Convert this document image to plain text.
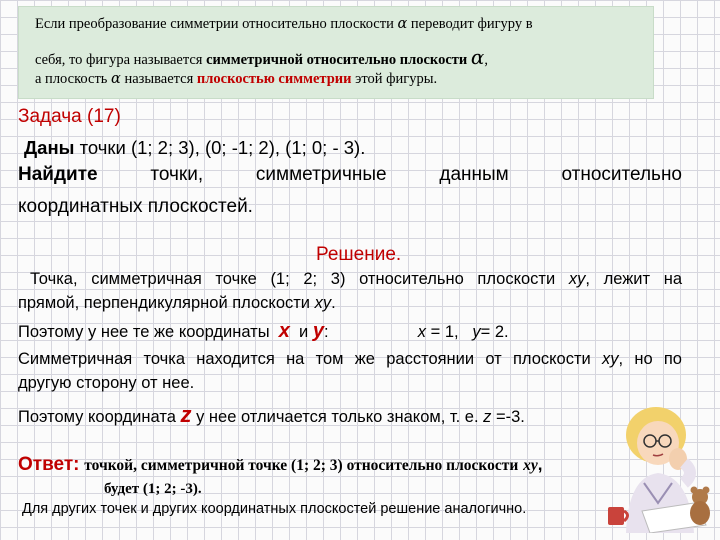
Если преобразование симметрии относительно плоскости α переводит фигуру в
себя, то фигура называется симметричной относительно плоскости α,
а плоскость α называется плоскостью симметрии этой фигуры.
Задача (17)
Даны точки (1; 2; 3), (0; -1; 2), (1; 0; - 3).
Найдите	точки, симметричные данным относительно
координатных плоскостей.
Решение.
Точка, симметричная точке (1; 2; 3) относительно плоскости xy, лежит на
прямой, перпендикулярной плоскости xy.
Поэтому у нее те же координаты x и y:	x = 1, y= 2.
Симметричная точка находится на том же расстоянии от плоскости xy, но по
другую сторону от нее.
Поэтому координата z у нее отличается только знаком, т. е. z =-3.
Ответ: точкой, симметричной точке (1; 2; 3) относительно плоскости xy,
будет (1; 2; -3).
Для других точек и других координатных плоскостей решение аналогично.
